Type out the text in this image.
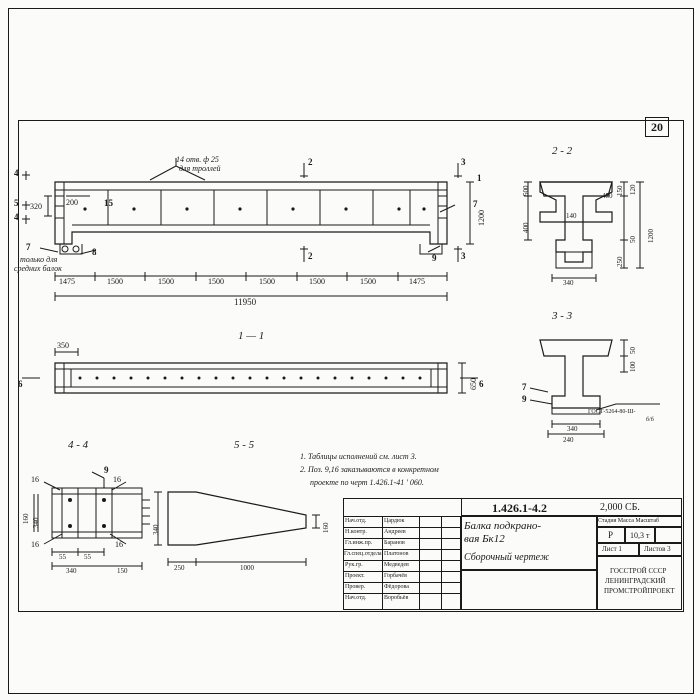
20
14 отв. ф 25
для троллей
2
2
3
3
1
7
9
8
7
15
4
5
4
только для
средних балок
320	200
1475	1500	1500	1500	1500	1500	1500	1475
11950
1200
1 — 1
350
650
6	6
2 - 2
500
400
250
50
150
1200
120
340
140
450
3 - 3
50
100
340
240
7
9
ГОСТ-5264-80-Ш-
б/б
4 - 4
9
16	16
16	16
340
160
55	55
340	150
5 - 5
340	160
250	1000
1. Таблицы исполнений см. лист 3.
2. Поз. 9,16 заказываются в конкретном
проекте по черт 1.426.1-41 ' 060.
1.426.1-4.2	2,000 СБ.
Нач.отд.	Цардюк
Н.контр.	Андреев
Гл.инж.пр. Баранов
Гл.спец.отдела Платонов
Рук.гр.	Медведев
Проект.	Горбачёв
Провер.	Фёдорова
Нач.отд.	Воробьёв
Балка подкрано-
вая Бк12
Сборочный чертеж
Стадия Масса Масштаб
Р 10,3 т
Лист 1	Листов 3
ГОССТРОЙ СССР
ЛЕНИНГРАДСКИЙ
ПРОМСТРОЙПРОЕКТ
